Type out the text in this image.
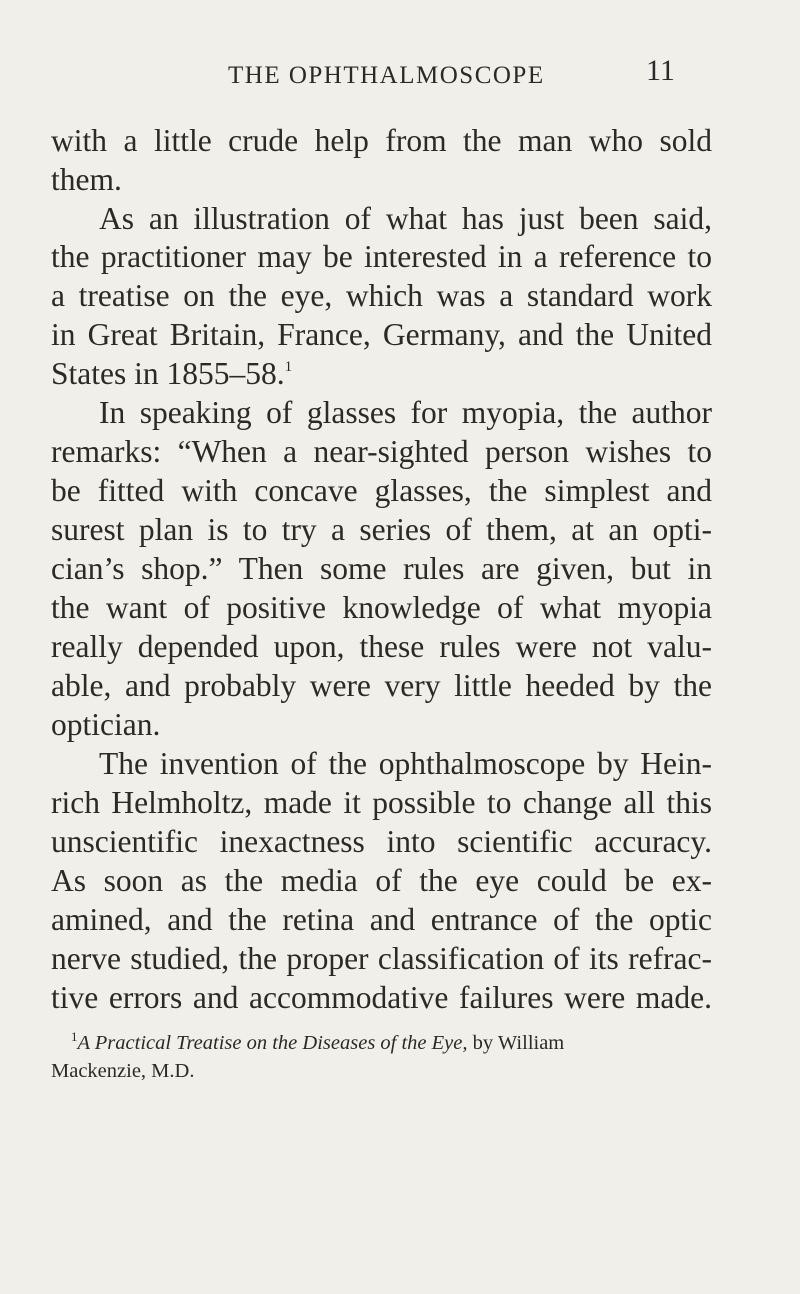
THE OPHTHALMOSCOPE	11
with a little crude help from the man who sold
them.
As an illustration of what has just been said,
the practitioner may be interested in a reference to
a treatise on the eye, which was a standard work
in Great Britain, France, Germany, and the United
States in 1855–58.$^1$
In speaking of glasses for myopia, the author
remarks: “When a near-sighted person wishes to
be fitted with concave glasses, the simplest and
surest plan is to try a series of them, at an opti-
cian’s shop.” Then some rules are given, but in
the want of positive knowledge of what myopia
really depended upon, these rules were not valu-
able, and probably were very little heeded by the
optician.
The invention of the ophthalmoscope by Hein-
rich Helmholtz, made it possible to change all this
unscientific inexactness into scientific accuracy.
As soon as the media of the eye could be ex-
amined, and the retina and entrance of the optic
nerve studied, the proper classification of its refrac-
tive errors and accommodative failures were made.
$^1$A Practical Treatise on the Diseases of the Eye, by William
Mackenzie, M.D.
